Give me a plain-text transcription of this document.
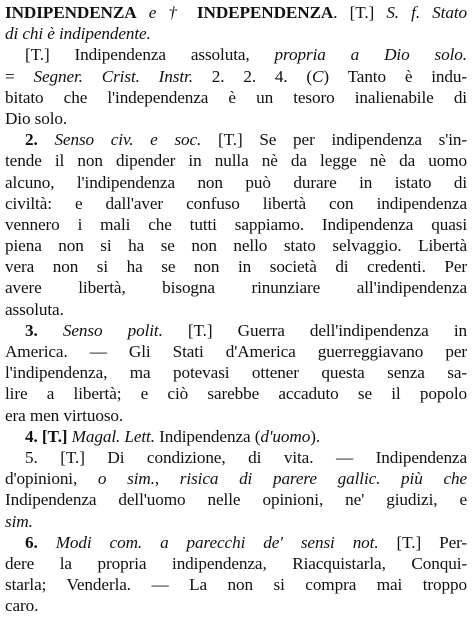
INDIPENDENZA e † INDEPENDENZA. [T.] S. f. Stato
di chi è indipendente.
[T.] Indipendenza assoluta, propria a Dio solo.
= Segner. Crist. Instr. 2. 2. 4. (C) Tanto è indu-
bitato che l'independenza è un tesoro inalienabile di
Dio solo.
2. Senso civ. e soc. [T.] Se per indipendenza s'in-
tende il non dipender in nulla nè da legge nè da uomo
alcuno, l'indipendenza non può durare in istato di
civiltà: e dall'aver confuso libertà con indipendenza
vennero i mali che tutti sappiamo. Indipendenza quasi
piena non si ha se non nello stato selvaggio. Libertà
vera non si ha se non in società di credenti. Per
avere libertà, bisogna rinunziare all'indipendenza
assoluta.
3. Senso polit. [T.] Guerra dell'indipendenza in
America. — Gli Stati d'America guerreggiavano per
l'indipendenza, ma potevasi ottener questa senza sa-
lire a libertà; e ciò sarebbe accaduto se il popolo
era men virtuoso.
4. [T.] Magal. Lett. Indipendenza (d'uomo).
5. [T.] Di condizione, di vita. — Indipendenza
d'opinioni, o sim., risica di parere gallic. più che
Indipendenza dell'uomo nelle opinioni, ne' giudizi, e
sim.
6. Modi com. a parecchi de' sensi not. [T.] Per-
dere la propria indipendenza, Riacquistarla, Conqui-
starla; Venderla. — La non si compra mai troppo
caro.
